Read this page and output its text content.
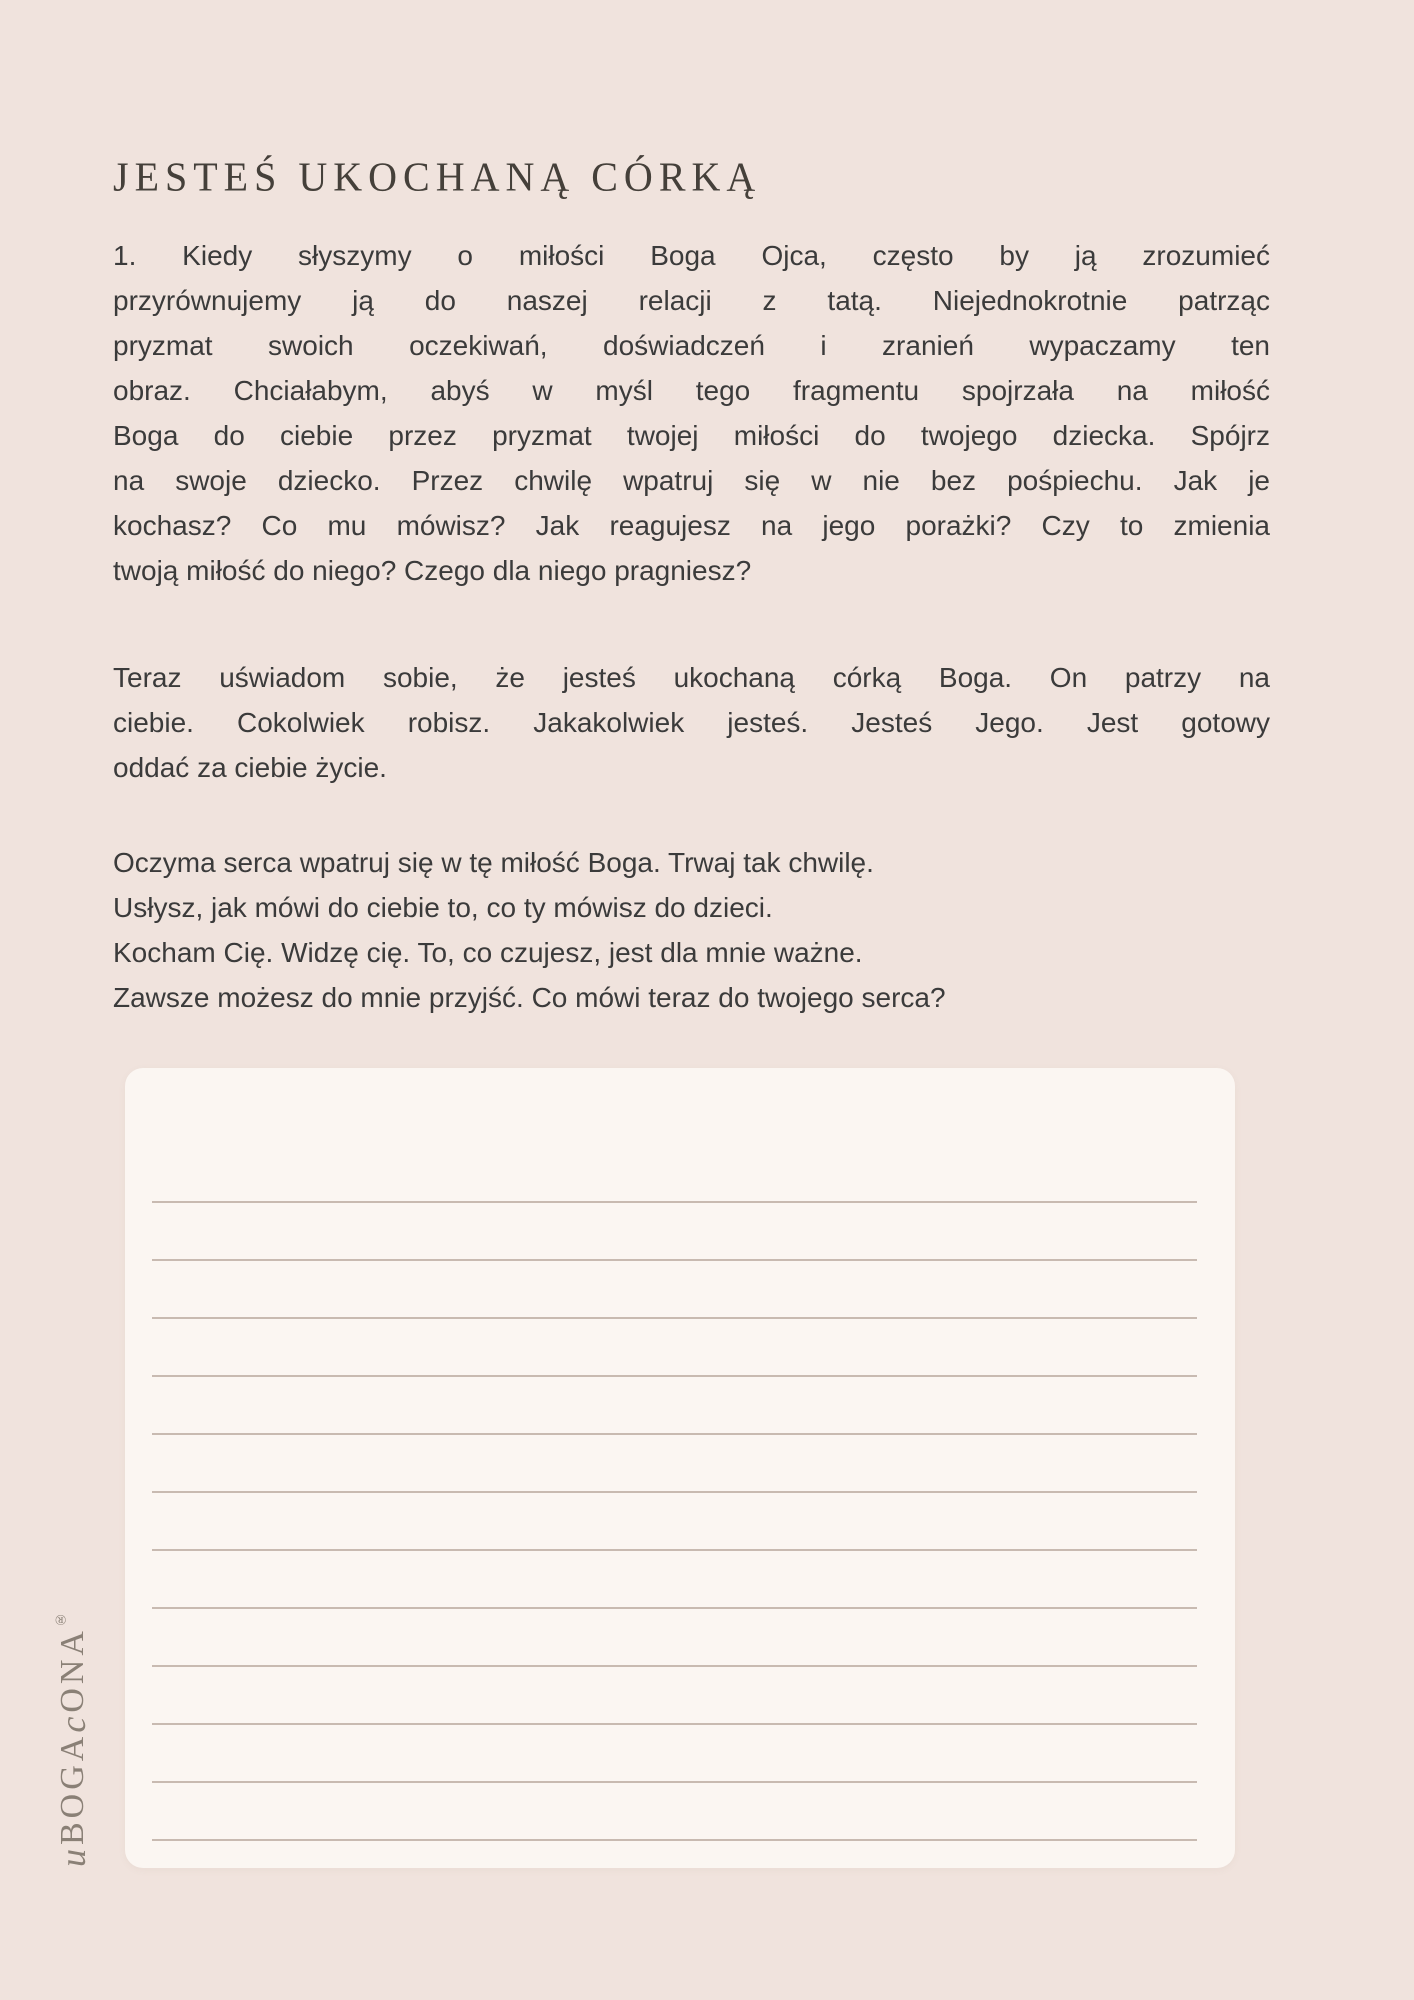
JESTEŚ UKOCHANĄ CÓRKĄ
1. Kiedy słyszymy o miłości Boga Ojca, często by ją zrozumieć
przyrównujemy ją do naszej relacji z tatą. Niejednokrotnie patrząc
pryzmat swoich oczekiwań, doświadczeń i zranień wypaczamy ten
obraz. Chciałabym, abyś w myśl tego fragmentu spojrzała na miłość
Boga do ciebie przez pryzmat twojej miłości do twojego dziecka. Spójrz
na swoje dziecko. Przez chwilę wpatruj się w nie bez pośpiechu. Jak je
kochasz? Co mu mówisz? Jak reagujesz na jego porażki? Czy to zmienia
twoją miłość do niego? Czego dla niego pragniesz?
Teraz uświadom sobie, że jesteś ukochaną córką Boga. On patrzy na
ciebie. Cokolwiek robisz. Jakakolwiek jesteś. Jesteś Jego. Jest gotowy
oddać za ciebie życie.
Oczyma serca wpatruj się w tę miłość Boga. Trwaj tak chwilę.
Usłysz, jak mówi do ciebie to, co ty mówisz do dzieci.
Kocham Cię. Widzę cię. To, co czujesz, jest dla mnie ważne.
Zawsze możesz do mnie przyjść. Co mówi teraz do twojego serca?
uBOGAcONA®
